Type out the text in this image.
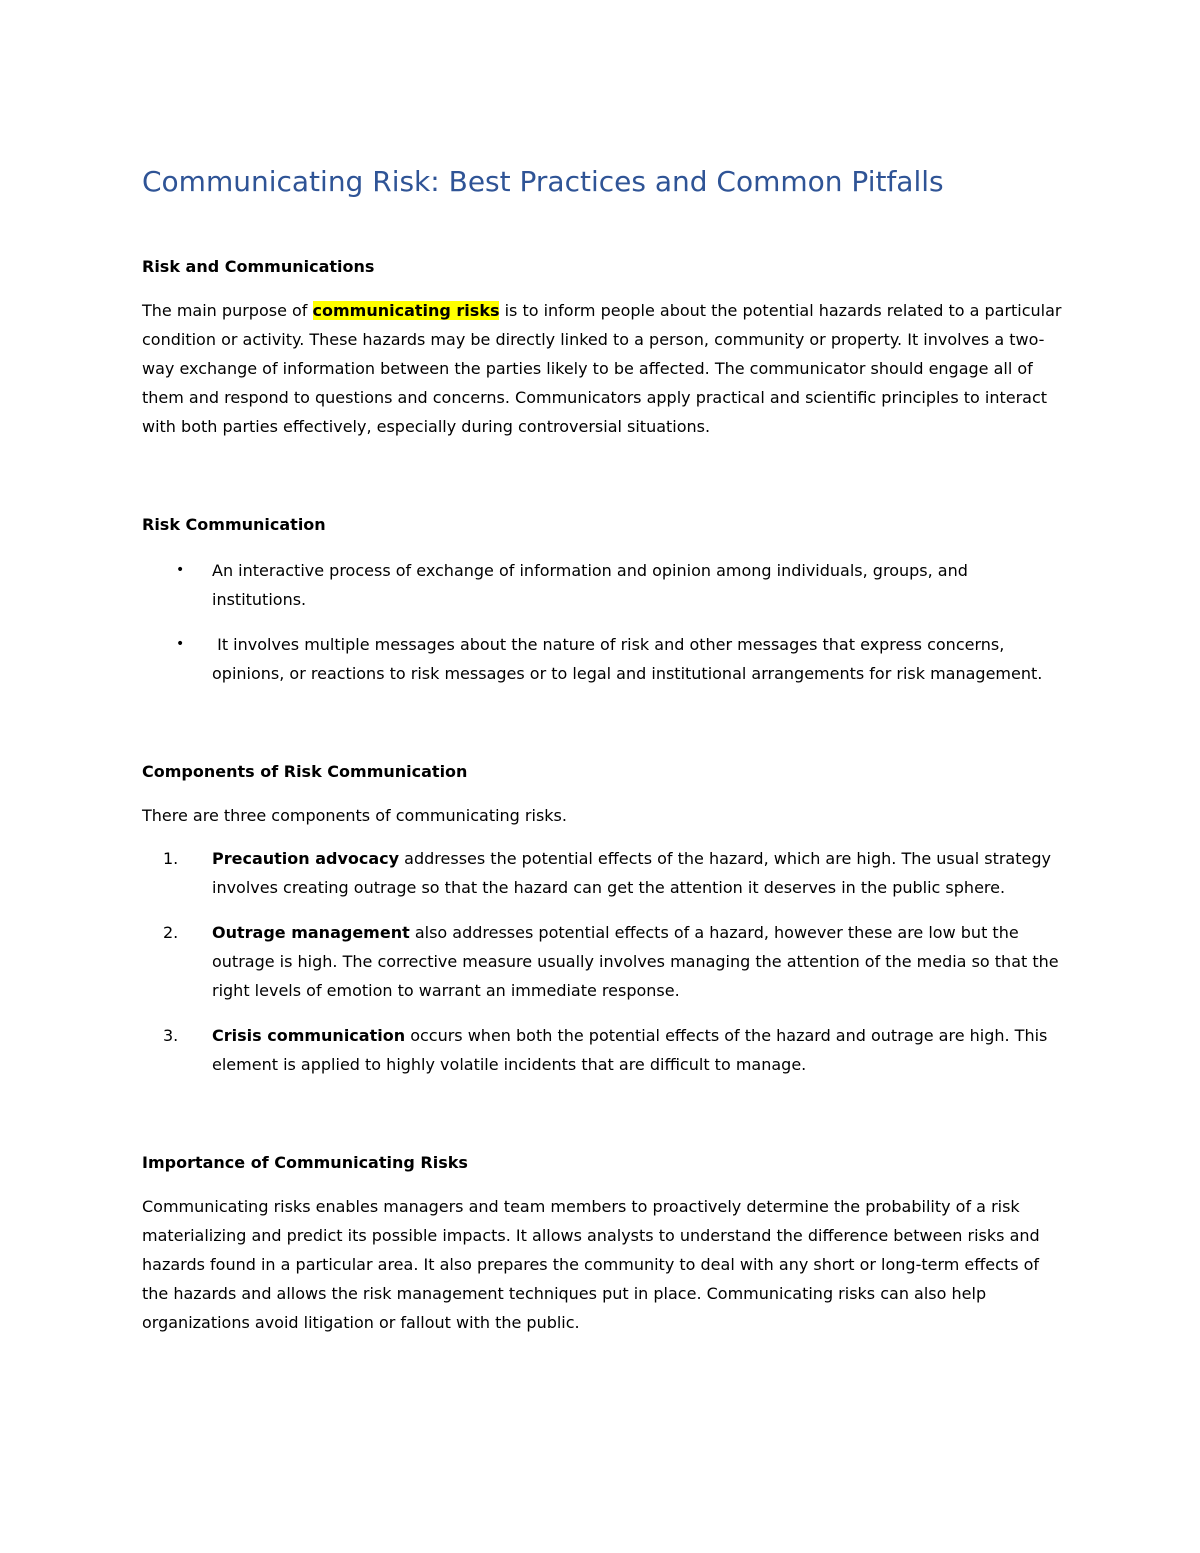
Communicating Risk: Best Practices and Common Pitfalls
Risk and Communications

The main purpose of communicating risks is to inform people about the potential hazards related to a particular condition or activity. These hazards may be directly linked to a person, community or property. It involves a two-way exchange of information between the parties likely to be affected. The communicator should engage all of them and respond to questions and concerns. Communicators apply practical and scientific principles to interact with both parties effectively, especially during controversial situations.

Risk Communication
• An interactive process of exchange of information and opinion among individuals, groups, and institutions.
• It involves multiple messages about the nature of risk and other messages that express concerns, opinions, or reactions to risk messages or to legal and institutional arrangements for risk management.
Components of Risk Communication

There are three components of communicating risks.

1. Precaution advocacy addresses the potential effects of the hazard, which are high. The usual strategy involves creating outrage so that the hazard can get the attention it deserves in the public sphere.
2. Outrage management also addresses potential effects of a hazard, however these are low but the outrage is high. The corrective measure usually involves managing the attention of the media so that the right levels of emotion to warrant an immediate response.
3. Crisis communication occurs when both the potential effects of the hazard and outrage are high. This element is applied to highly volatile incidents that are difficult to manage.
Importance of Communicating Risks

Communicating risks enables managers and team members to proactively determine the probability of a risk materializing and predict its possible impacts. It allows analysts to understand the difference between risks and hazards found in a particular area. It also prepares the community to deal with any short or long-term effects of the hazards and allows the risk management techniques put in place. Communicating risks can also help organizations avoid litigation or fallout with the public.
